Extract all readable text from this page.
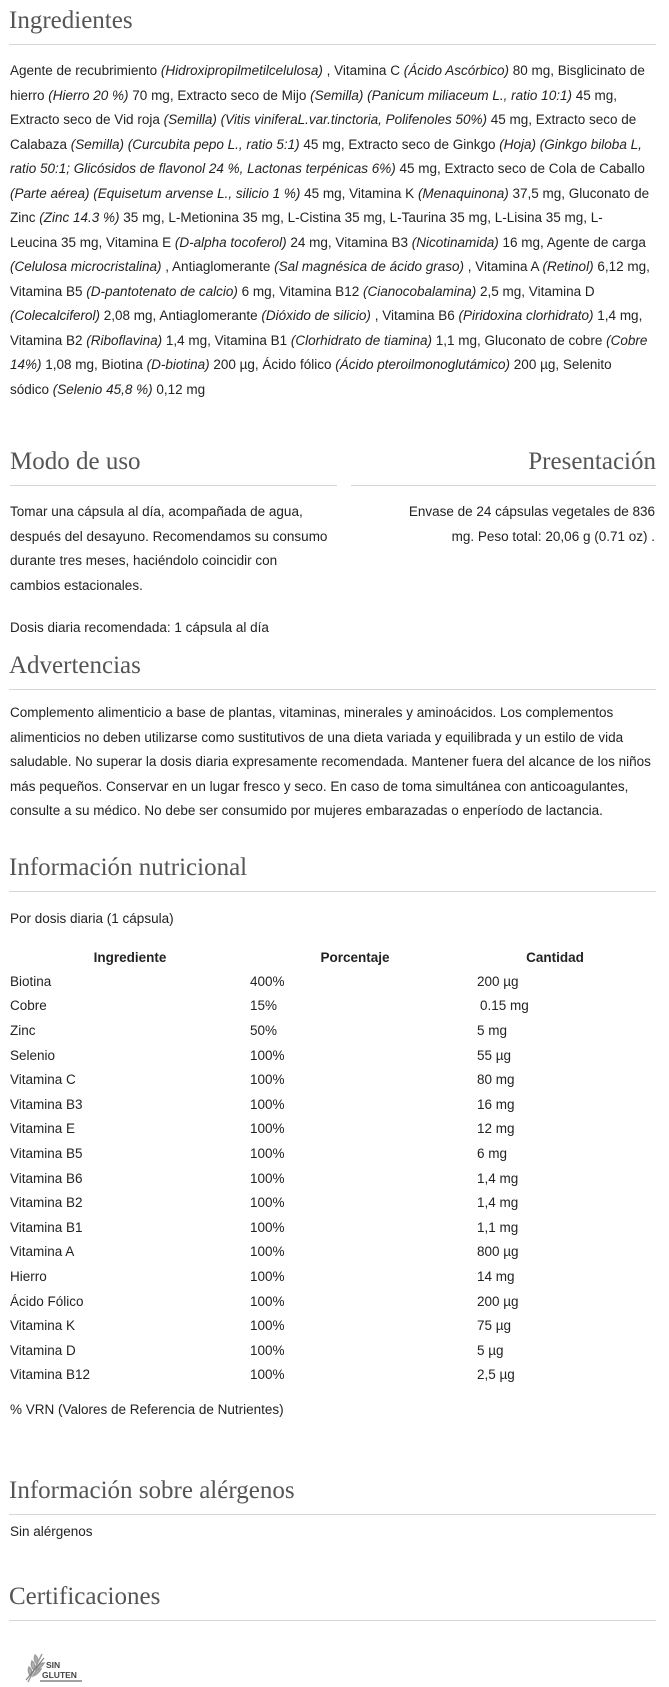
Ingredientes
Agente de recubrimiento (Hidroxipropilmetilcelulosa) , Vitamina C (Ácido Ascórbico) 80 mg, Bisglicinato de hierro (Hierro 20 %) 70 mg, Extracto seco de Mijo (Semilla) (Panicum miliaceum L., ratio 10:1) 45 mg, Extracto seco de Vid roja (Semilla) (Vitis viniferaL.var.tinctoria, Polifenoles 50%) 45 mg, Extracto seco de Calabaza (Semilla) (Curcubita pepo L., ratio 5:1) 45 mg, Extracto seco de Ginkgo (Hoja) (Ginkgo biloba L, ratio 50:1; Glicósidos de flavonol 24 %, Lactonas terpénicas 6%) 45 mg, Extracto seco de Cola de Caballo (Parte aérea) (Equisetum arvense L., silicio 1 %) 45 mg, Vitamina K (Menaquinona) 37,5 mg, Gluconato de Zinc (Zinc 14.3 %) 35 mg, L-Metionina 35 mg, L-Cistina 35 mg, L-Taurina 35 mg, L-Lisina 35 mg, L-Leucina 35 mg, Vitamina E (D-alpha tocoferol) 24 mg, Vitamina B3 (Nicotinamida) 16 mg, Agente de carga (Celulosa microcristalina) , Antiaglomerante (Sal magnésica de ácido graso) , Vitamina A (Retinol) 6,12 mg, Vitamina B5 (D-pantotenato de calcio) 6 mg, Vitamina B12 (Cianocobalamina) 2,5 mg, Vitamina D (Colecalciferol) 2,08 mg, Antiaglomerante (Dióxido de silicio) , Vitamina B6 (Piridoxina clorhidrato) 1,4 mg, Vitamina B2 (Riboflavina) 1,4 mg, Vitamina B1 (Clorhidrato de tiamina) 1,1 mg, Gluconato de cobre (Cobre 14%) 1,08 mg, Biotina (D-biotina) 200 µg, Ácido fólico (Ácido pteroilmonoglutámico) 200 µg, Selenito sódico (Selenio 45,8 %) 0,12 mg
Modo de uso
Tomar una cápsula al día, acompañada de agua, después del desayuno. Recomendamos su consumo durante tres meses, haciéndolo coincidir con cambios estacionales.
Dosis diaria recomendada: 1 cápsula al día
Presentación
Envase de 24 cápsulas vegetales de 836 mg. Peso total: 20,06 g (0.71 oz) .
Advertencias
Complemento alimenticio a base de plantas, vitaminas, minerales y aminoácidos. Los complementos alimenticios no deben utilizarse como sustitutivos de una dieta variada y equilibrada y un estilo de vida saludable. No superar la dosis diaria expresamente recomendada. Mantener fuera del alcance de los niños más pequeños. Conservar en un lugar fresco y seco. En caso de toma simultánea con anticoagulantes, consulte a su médico. No debe ser consumido por mujeres embarazadas o enperíodo de lactancia.
Información nutricional
Por dosis diaria (1 cápsula)
Ingrediente	Porcentaje	Cantidad
Biotina	400%	200 µg
Cobre	15%	0.15 mg
Zinc	50%	5 mg
Selenio	100%	55 µg
Vitamina C	100%	80 mg
Vitamina B3	100%	16 mg
Vitamina E	100%	12 mg
Vitamina B5	100%	6 mg
Vitamina B6	100%	1,4 mg
Vitamina B2	100%	1,4 mg
Vitamina B1	100%	1,1 mg
Vitamina A	100%	800 µg
Hierro	100%	14 mg
Ácido Fólico	100%	200 µg
Vitamina K	100%	75 µg
Vitamina D	100%	5 µg
Vitamina B12	100%	2,5 µg
% VRN (Valores de Referencia de Nutrientes)
Información sobre alérgenos
Sin alérgenos
Certificaciones
SIN
GLUTEN
